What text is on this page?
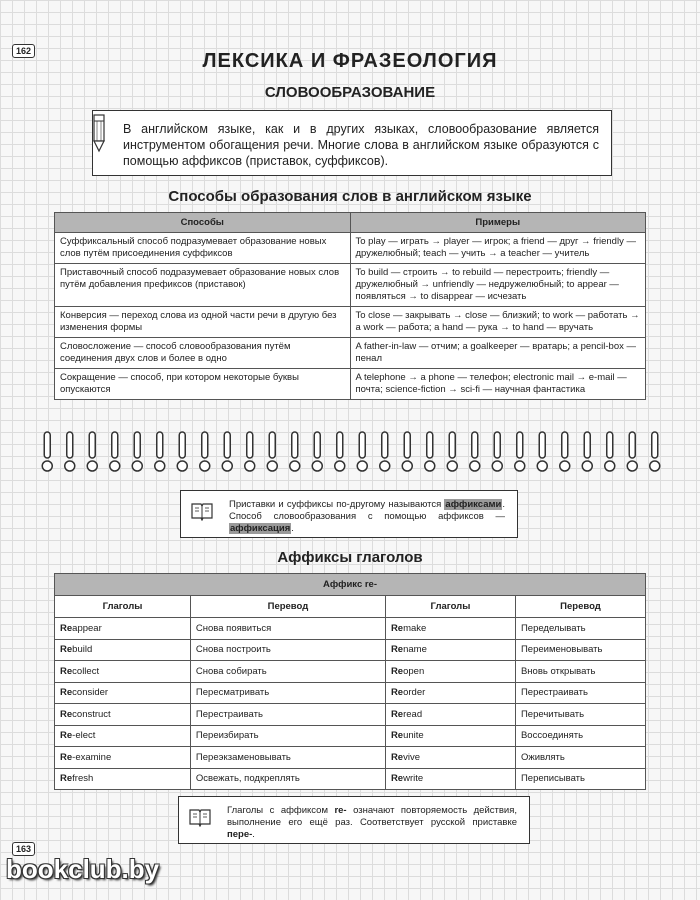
162	ЛЕКСИКА И ФРАЗЕОЛОГИЯ
СЛОВООБРАЗОВАНИЕ

В английском языке, как и в других языках, словообразование является инструментом обогащения речи. Многие слова в английском языке образуются с помощью аффиксов (приставок, суффиксов).

Способы образования слов в английском языке
Способы	Примеры
Суффиксальный способ подразумевает образование новых слов путём присоединения суффиксов	To play — играть → player — игрок; a friend — друг → friendly — дружелюбный; teach — учить → a teacher — учитель
Приставочный способ подразумевает образование новых слов путём добавления префиксов (приставок)	To build — строить → to rebuild — перестроить; friendly — дружелюбный → unfriendly — недружелюбный; to appear — появляться → to disappear — исчезать
Конверсия — переход слова из одной части речи в другую без изменения формы	To close — закрывать → close — близкий; to work — работать → a work — работа; a hand — рука → to hand — вручать
Словосложение — способ словообразования путём соединения двух слов и более в одно	A father-in-law — отчим; a goalkeeper — вратарь; a pencil-box — пенал
Сокращение — способ, при котором некоторые буквы опускаются	A telephone → a phone — телефон; electronic mail → e-mail — почта; science-fiction → sci-fi — научная фантастика

Приставки и суффиксы по-другому называются аффиксами. Способ словообразования с помощью аффиксов — аффиксация.

Аффиксы глаголов
Аффикс re-			
Глаголы	Перевод	Глаголы	Перевод
Reappear	Снова появиться	Remake	Переделывать
Rebuild	Снова построить	Rename	Переименовывать
Recollect	Снова собирать	Reopen	Вновь открывать
Reconsider	Пересматривать	Reorder	Перестраивать
Reconstruct	Перестраивать	Reread	Перечитывать
Re-elect	Переизбирать	Reunite	Воссоединять
Re-examine	Переэкзаменовывать	Revive	Оживлять
Refresh	Освежать, подкреплять	Rewrite	Переписывать

Глаголы с аффиксом re- означают повторяемость действия, выполнение его ещё раз. Соответствует русской приставке пере-.

163
bookclub.by
